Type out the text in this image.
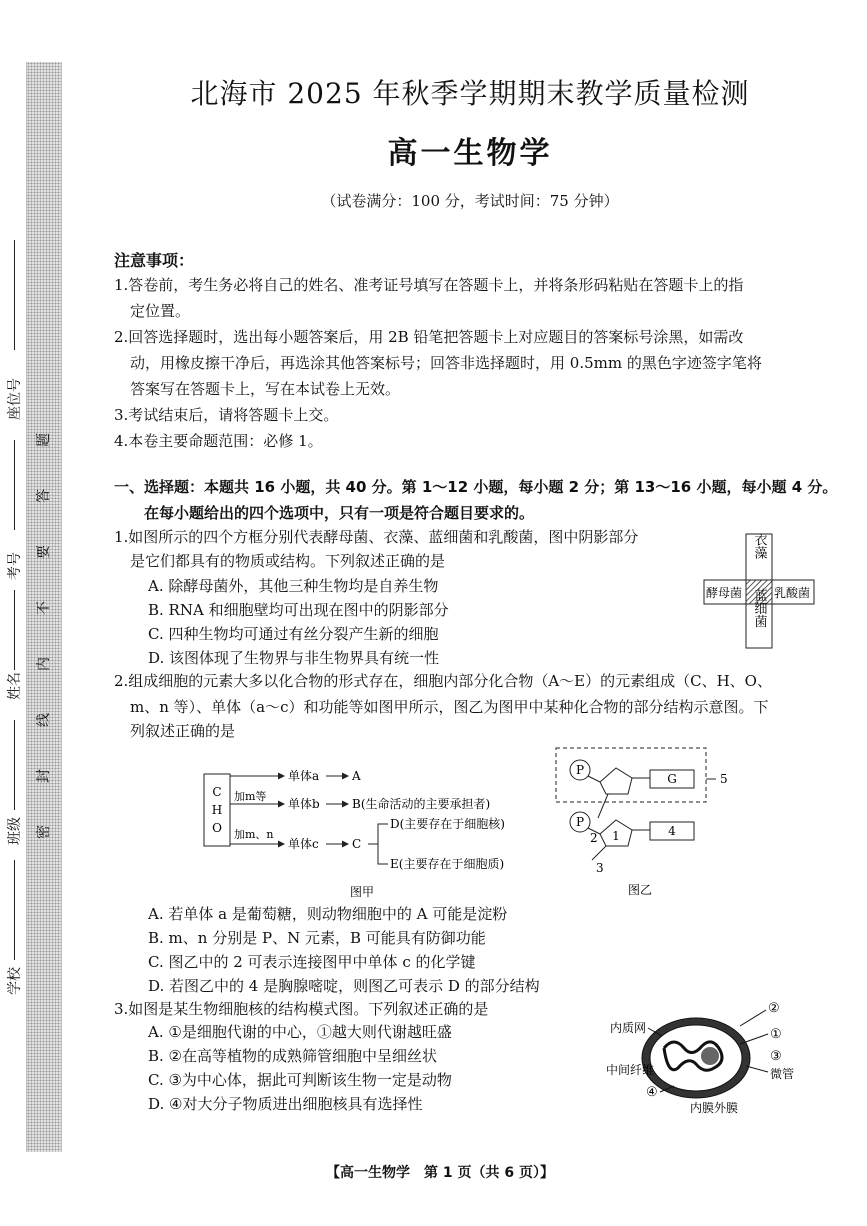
题
答
要
不
内
线
封
密
座位号
考号
姓名
班级
学校
北海市 2025 年秋季学期期末教学质量检测
高一生物学
（试卷满分：100 分，考试时间：75 分钟）
注意事项：
1.答卷前，考生务必将自己的姓名、准考证号填写在答题卡上，并将条形码粘贴在答题卡上的指
定位置。
2.回答选择题时，选出每小题答案后，用 2B 铅笔把答题卡上对应题目的答案标号涂黑，如需改
动，用橡皮擦干净后，再选涂其他答案标号；回答非选择题时，用 0.5mm 的黑色字迹签字笔将
答案写在答题卡上，写在本试卷上无效。
3.考试结束后，请将答题卡上交。
4.本卷主要命题范围：必修 1。
一、选择题：本题共 16 小题，共 40 分。第 1～12 小题，每小题 2 分；第 13～16 小题，每小题 4 分。
在每小题给出的四个选项中，只有一项是符合题目要求的。
1.如图所示的四个方框分别代表酵母菌、衣藻、蓝细菌和乳酸菌，图中阴影部分
是它们都具有的物质或结构。下列叙述正确的是
A. 除酵母菌外，其他三种生物均是自养生物
B. RNA 和细胞壁均可出现在图中的阴影部分
C. 四种生物均可通过有丝分裂产生新的细胞
D. 该图体现了生物界与非生物界具有统一性
衣藻
酵母菌	乳酸菌
蓝细菌
2.组成细胞的元素大多以化合物的形式存在，细胞内部分化合物（A～E）的元素组成（C、H、O、
m、n 等）、单体（a～c）和功能等如图甲所示，图乙为图甲中某种化合物的部分结构示意图。下
列叙述正确的是
C
H
O
单体a	A
加m等
单体b	B(生命活动的主要承担者)
加m、n
单体c	C
D(主要存在于细胞核)
E(主要存在于细胞质)
图甲
P
G	5
P
2 1	4
3
图乙
A. 若单体 a 是葡萄糖，则动物细胞中的 A 可能是淀粉
B. m、n 分别是 P、N 元素，B 可能具有防御功能
C. 图乙中的 2 可表示连接图甲中单体 c 的化学键
D. 若图乙中的 4 是胸腺嘧啶，则图乙可表示 D 的部分结构
3.如图是某生物细胞核的结构模式图。下列叙述正确的是
A. ①是细胞代谢的中心，①越大则代谢越旺盛
B. ②在高等植物的成熟筛管细胞中呈细丝状
C. ③为中心体，据此可判断该生物一定是动物
D. ④对大分子物质进出细胞核具有选择性
内质网
中间纤维
②
①
③
微管
④
内膜外膜
【高一生物学　第 1 页（共 6 页）】
